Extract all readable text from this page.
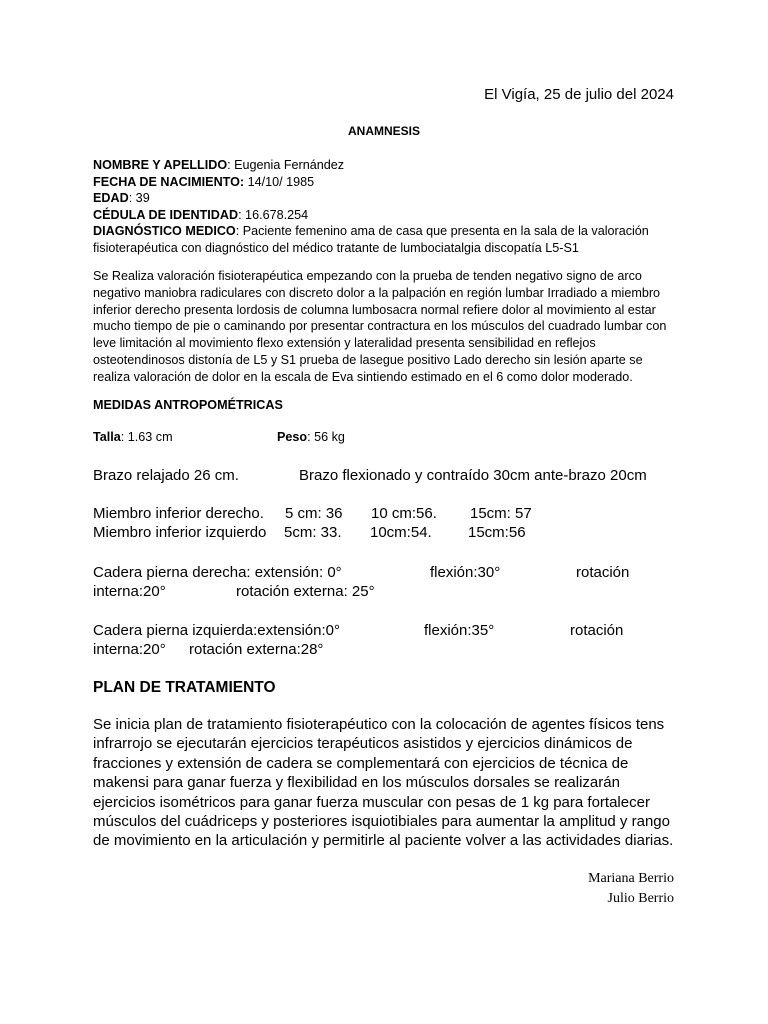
El Vigía, 25 de julio del 2024
ANAMNESIS
NOMBRE Y APELLIDO: Eugenia Fernández
FECHA DE NACIMIENTO: 14/10/ 1985
EDAD: 39
CÉDULA DE IDENTIDAD: 16.678.254
DIAGNÓSTICO MEDICO: Paciente femenino ama de casa que presenta en la sala de la valoración fisioterapéutica con diagnóstico del médico tratante de lumbociatalgia discopatía L5-S1
Se Realiza valoración fisioterapéutica empezando con la prueba de tenden negativo signo de arco negativo maniobra radiculares con discreto dolor a la palpación en región lumbar Irradiado a miembro inferior derecho presenta lordosis de columna lumbosacra normal refiere dolor al movimiento al estar mucho tiempo de pie o caminando por presentar contractura en los músculos del cuadrado lumbar con leve limitación al movimiento flexo extensión y lateralidad presenta sensibilidad en reflejos osteotendinosos distonía de L5 y S1 prueba de lasegue positivo Lado derecho sin lesión aparte se realiza valoración de dolor en la escala de Eva sintiendo estimado en el 6 como dolor moderado.
MEDIDAS ANTROPOMÉTRICAS
Talla: 1.63 cm	Peso: 56 kg
Brazo relajado 26 cm.	Brazo flexionado y contraído 30cm ante-brazo 20cm
Miembro inferior derecho. 5 cm: 36 10 cm:56. 15cm: 57
Miembro inferior izquierdo 5cm: 33. 10cm:54. 15cm:56
Cadera pierna derecha: extensión: 0°	flexión:30°	rotación
interna:20°	rotación externa: 25°
Cadera pierna izquierda:extensión:0°	flexión:35°	rotación
interna:20° rotación externa:28°
PLAN DE TRATAMIENTO
Se inicia plan de tratamiento fisioterapéutico con la colocación de agentes físicos tens infrarrojo se ejecutarán ejercicios terapéuticos asistidos y ejercicios dinámicos de fracciones y extensión de cadera se complementará con ejercicios de técnica de makensi para ganar fuerza y flexibilidad en los músculos dorsales se realizarán ejercicios isométricos para ganar fuerza muscular con pesas de 1 kg para fortalecer músculos del cuádriceps y posteriores isquiotibiales para aumentar la amplitud y rango de movimiento en la articulación y permitirle al paciente volver a las actividades diarias.
Mariana Berrio
Julio Berrio
